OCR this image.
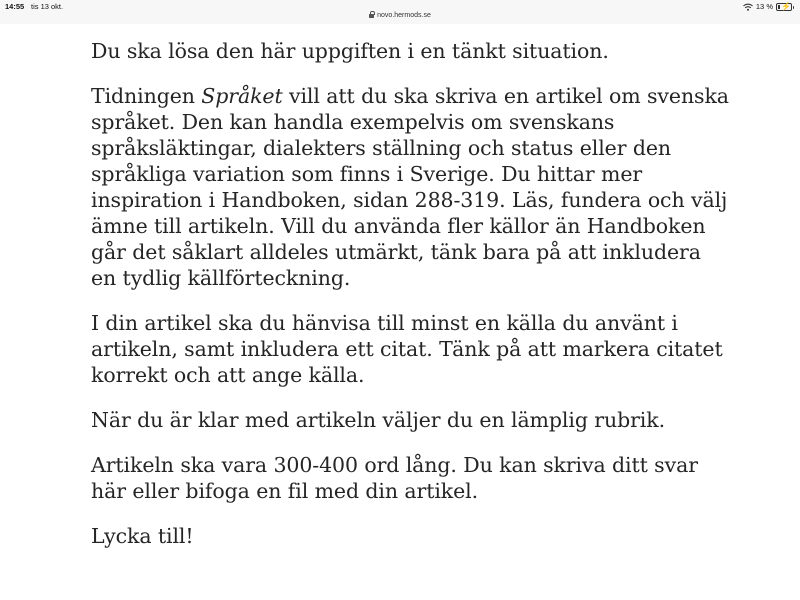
14:55 tis 13 okt.
novo.hermods.se
13 % ⚡

Du ska lösa den här uppgiften i en tänkt situation.

Tidningen Språket vill att du ska skriva en artikel om svenska språket. Den kan handla exempelvis om svenskans språksläktingar, dialekters ställning och status eller den språkliga variation som finns i Sverige. Du hittar mer inspiration i Handboken, sidan 288-319. Läs, fundera och välj ämne till artikeln. Vill du använda fler källor än Handboken går det såklart alldeles utmärkt, tänk bara på att inkludera en tydlig källförteckning.

I din artikel ska du hänvisa till minst en källa du använt i artikeln, samt inkludera ett citat. Tänk på att markera citatet korrekt och att ange källa.

När du är klar med artikeln väljer du en lämplig rubrik.

Artikeln ska vara 300-400 ord lång. Du kan skriva ditt svar här eller bifoga en fil med din artikel.

Lycka till!
